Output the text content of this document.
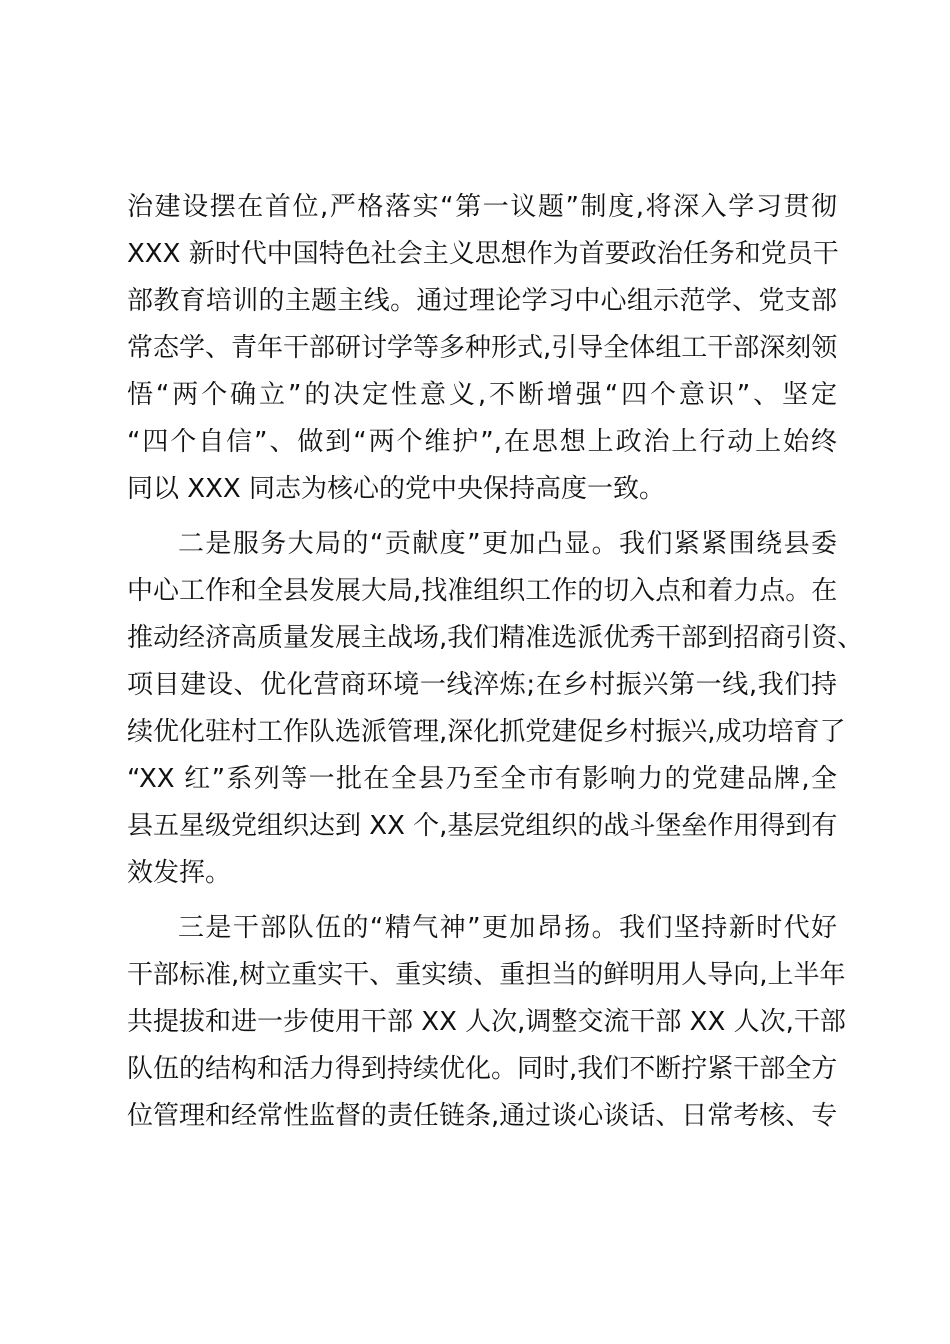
治建设摆在首位,严格落实“第一议题”制度,将深入学习贯彻
XXX 新时代中国特色社会主义思想作为首要政治任务和党员干
部教育培训的主题主线。通过理论学习中心组示范学、党支部
常态学、青年干部研讨学等多种形式,引导全体组工干部深刻领
悟“两个确立”的决定性意义,不断增强“四个意识”、坚定
“四个自信”、做到“两个维护”,在思想上政治上行动上始终
同以 XXX 同志为核心的党中央保持高度一致。
二是服务大局的“贡献度”更加凸显。我们紧紧围绕县委
中心工作和全县发展大局,找准组织工作的切入点和着力点。在
推动经济高质量发展主战场,我们精准选派优秀干部到招商引资、
项目建设、优化营商环境一线淬炼;在乡村振兴第一线,我们持
续优化驻村工作队选派管理,深化抓党建促乡村振兴,成功培育了
“XX 红”系列等一批在全县乃至全市有影响力的党建品牌,全
县五星级党组织达到 XX 个,基层党组织的战斗堡垒作用得到有
效发挥。
三是干部队伍的“精气神”更加昂扬。我们坚持新时代好
干部标准,树立重实干、重实绩、重担当的鲜明用人导向,上半年
共提拔和进一步使用干部 XX 人次,调整交流干部 XX 人次,干部
队伍的结构和活力得到持续优化。同时,我们不断拧紧干部全方
位管理和经常性监督的责任链条,通过谈心谈话、日常考核、专
